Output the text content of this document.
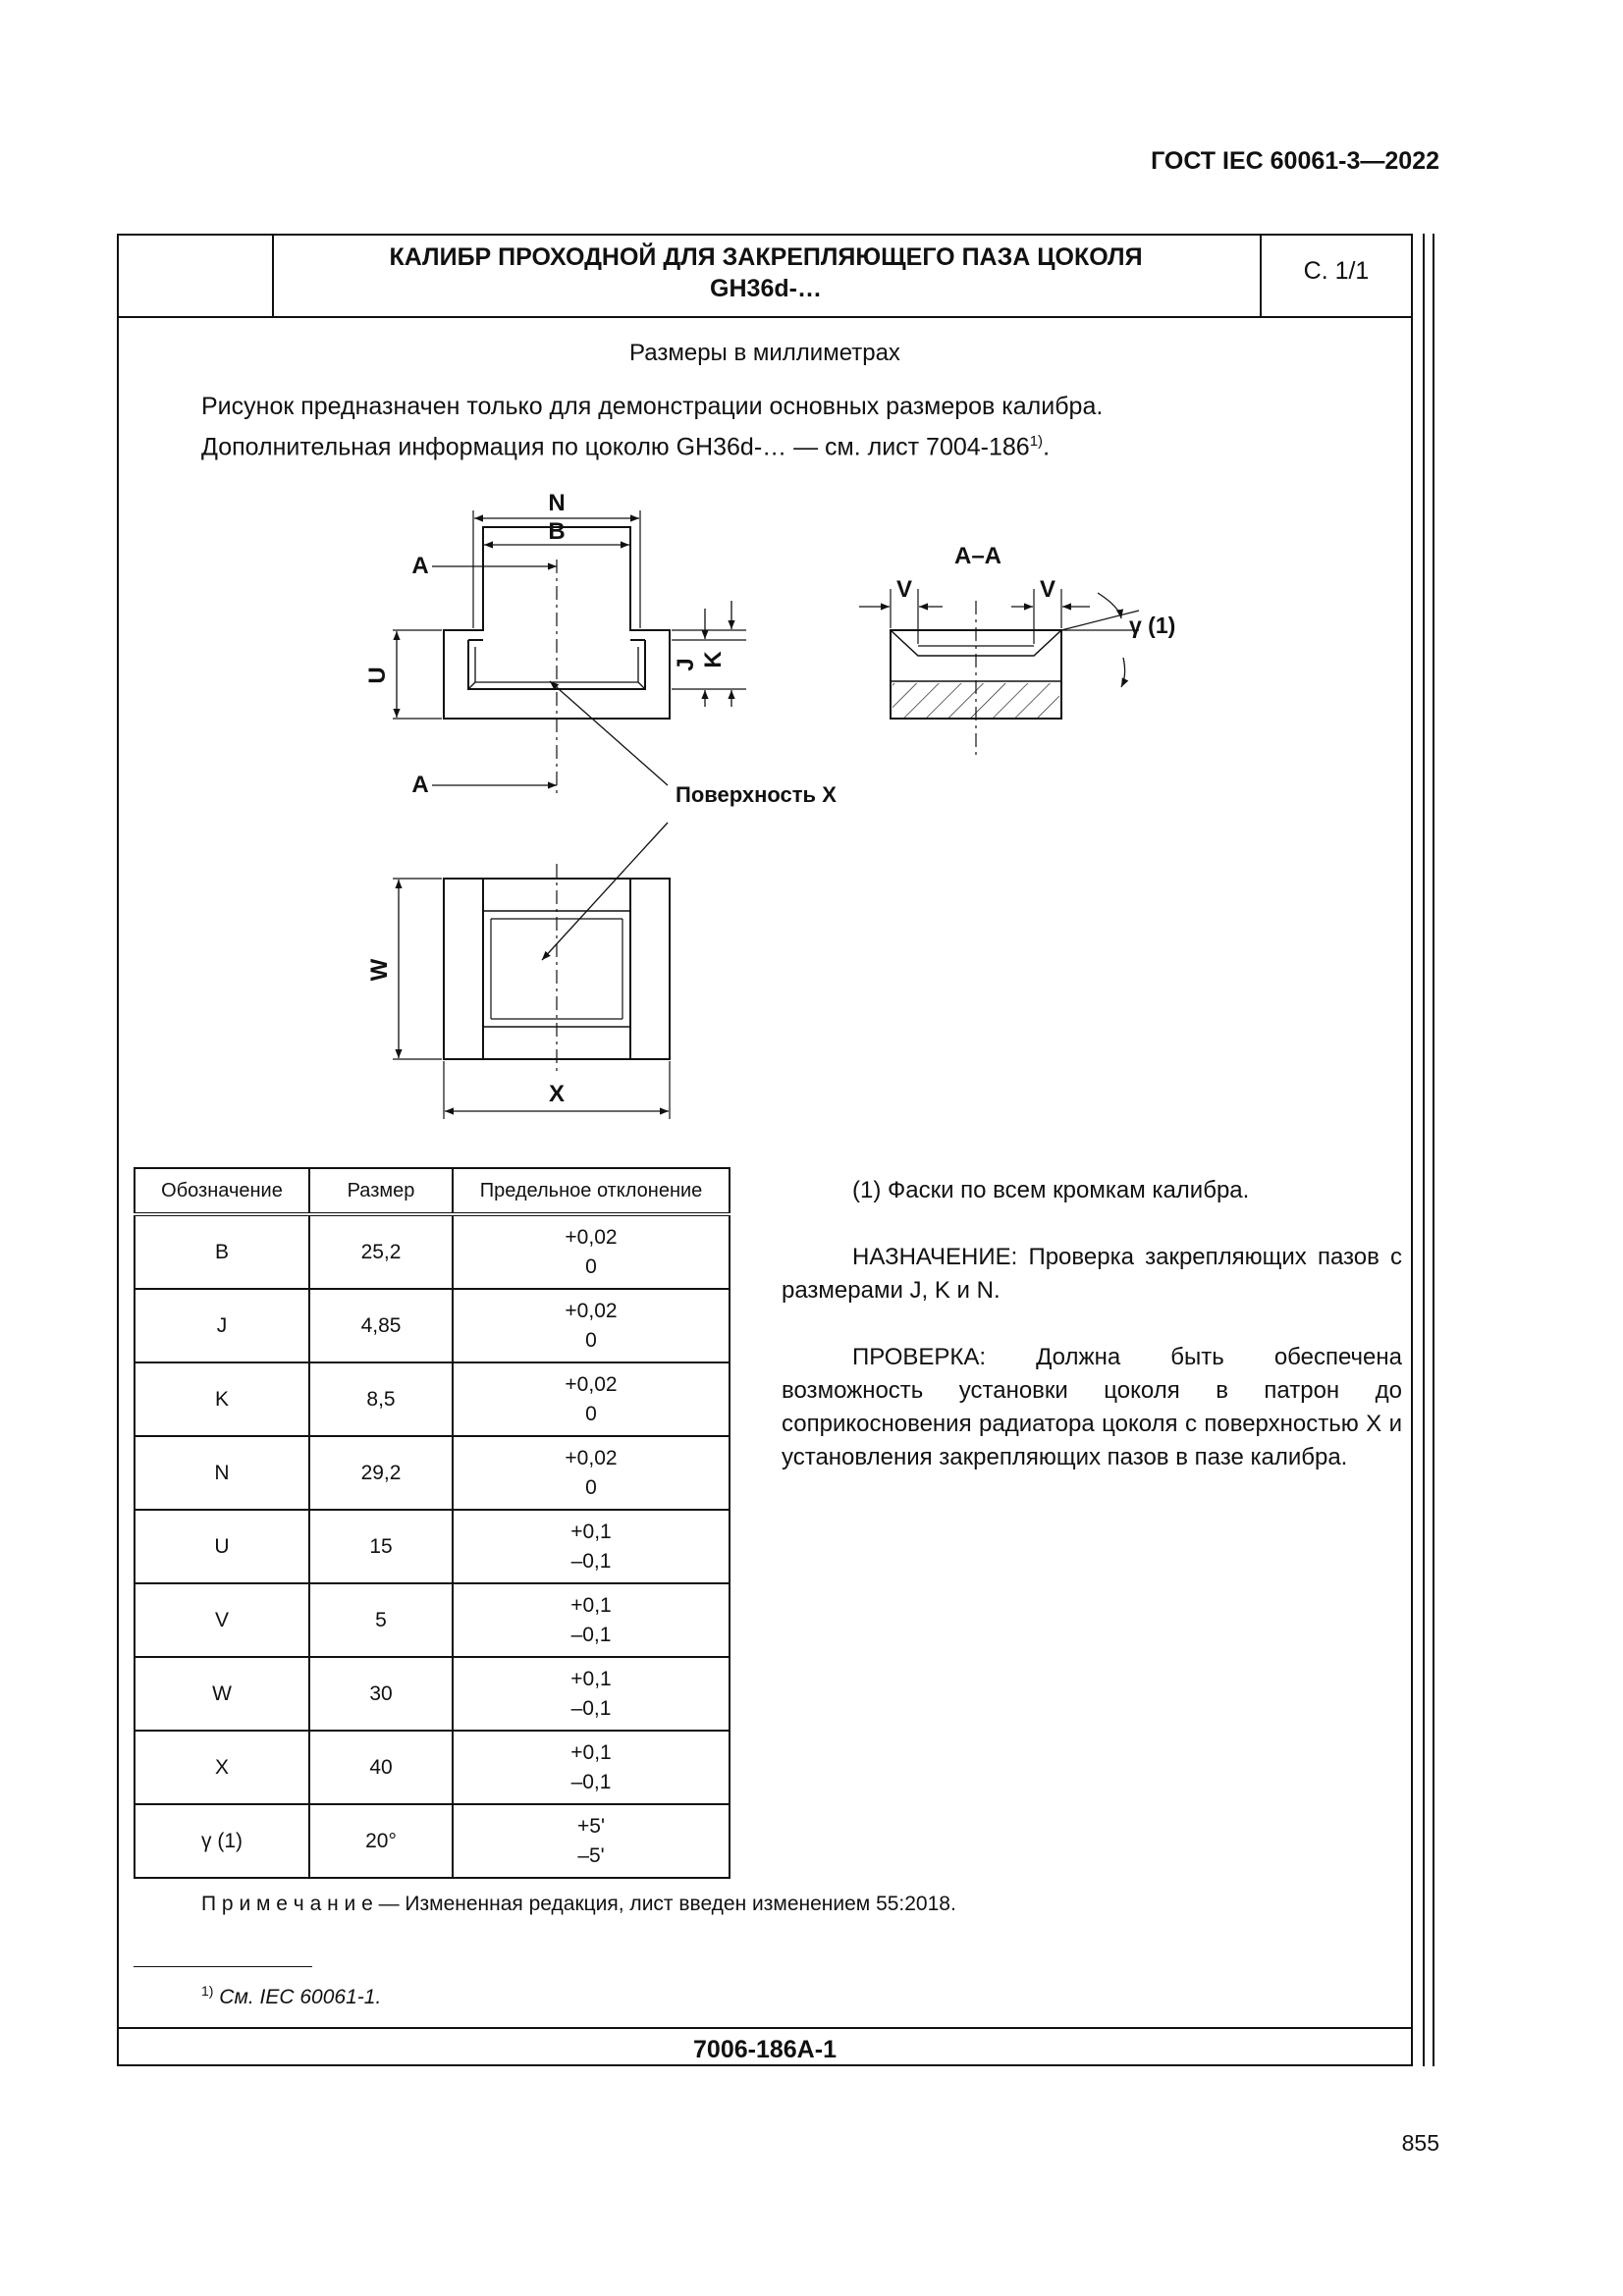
ГОСТ IEC 60061-3—2022
КАЛИБР ПРОХОДНОЙ ДЛЯ ЗАКРЕПЛЯЮЩЕГО ПАЗА ЦОКОЛЯ
GH36d-…
С. 1/1
Размеры в миллиметрах
Рисунок предназначен только для демонстрации основных размеров калибра.
Дополнительная информация по цоколю GH36d-… — см. лист 7004-186$^{1)}$.
N
B
A
A
U
J K
Поверхность X
A–A
V	V
γ (1)
W
X
Обозначение	Размер	Предельное отклонение
B	25,2	+0,02
0

J	4,85	+0,02
0

K	8,5	+0,02
0

N	29,2	+0,02
0

U	15	+0,1
–0,1

V	5	+0,1
–0,1

W	30	+0,1
–0,1

X	40	+0,1
–0,1

γ (1)	20°	+5'
–5'

(1) Фаски по всем кромкам калибра.

НАЗНАЧЕНИЕ: Проверка закрепляющих пазов с размерами J, K и N.

ПРОВЕРКА: Должна быть обеспечена возможность установки цоколя в патрон до соприкосновения радиатора цоколя с поверхностью X и установления закрепляющих пазов в пазе калибра.

П р и м е ч а н и е — Измененная редакция, лист введен изменением 55:2018.
$^{1)}$ См. IEC 60061-1.
7006-186A-1
855
